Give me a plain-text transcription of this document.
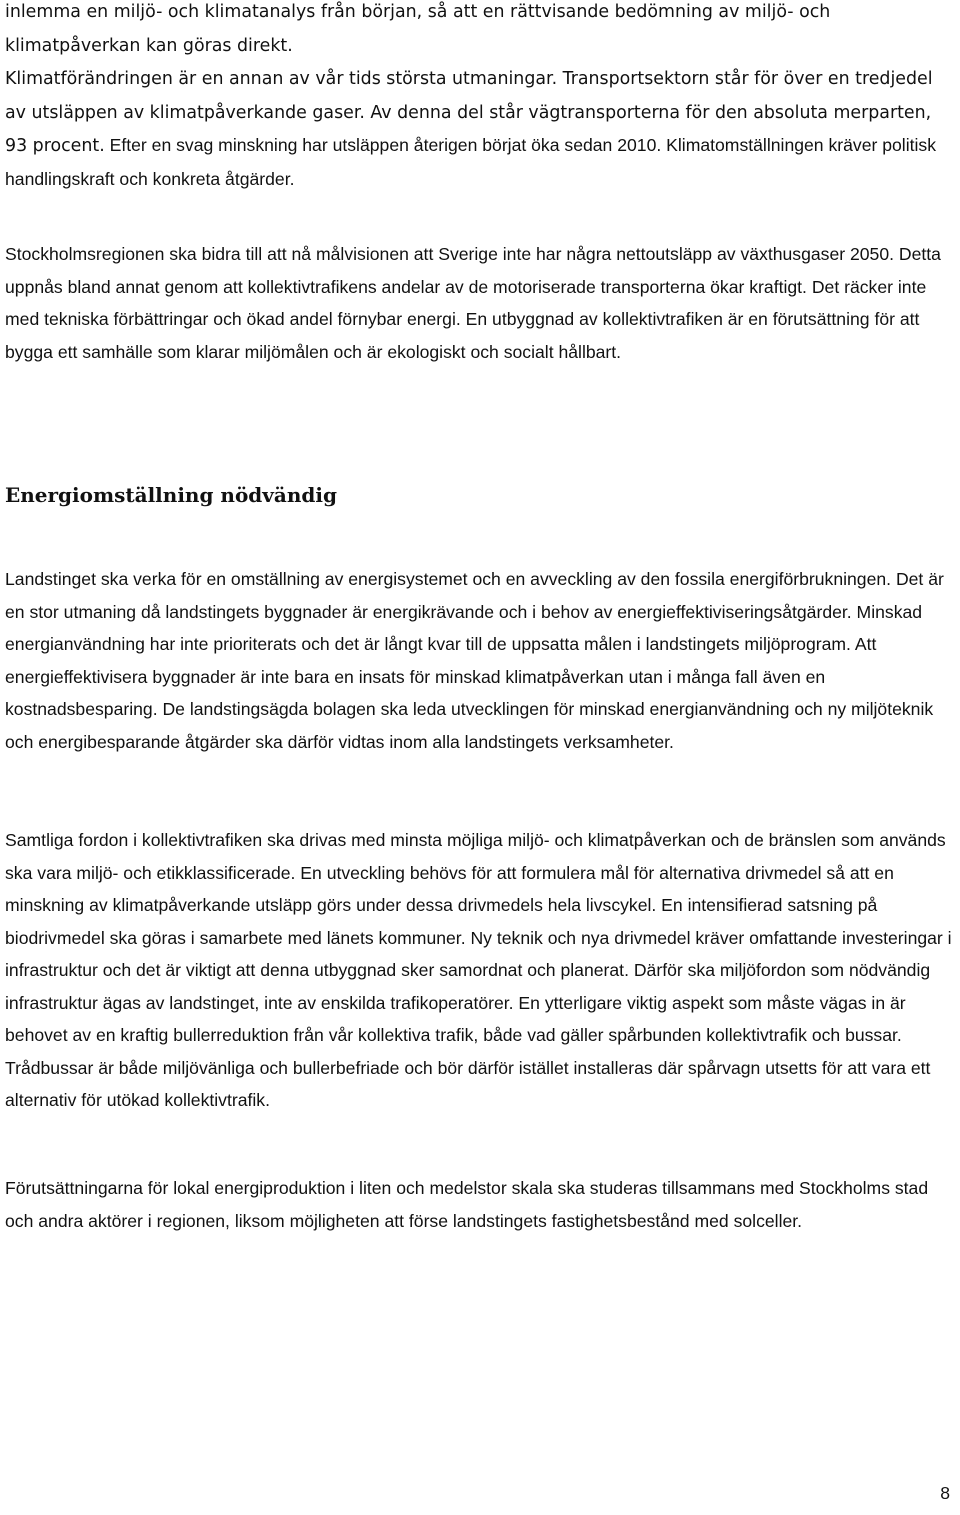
inlemma en miljö- och klimatanalys från början, så att en rättvisande bedömning av miljö- och klimatpåverkan kan göras direkt.
Klimatförändringen är en annan av vår tids största utmaningar. Transportsektorn står för över en tredjedel av utsläppen av klimatpåverkande gaser. Av denna del står vägtransporterna för den absoluta merparten, 93 procent. Efter en svag minskning har utsläppen återigen börjat öka sedan 2010. Klimatomställningen kräver politisk handlingskraft och konkreta åtgärder.

Stockholmsregionen ska bidra till att nå målvisionen att Sverige inte har några nettoutsläpp av växthusgaser 2050. Detta uppnås bland annat genom att kollektivtrafikens andelar av de motoriserade transporterna ökar kraftigt. Det räcker inte med tekniska förbättringar och ökad andel förnybar energi. En utbyggnad av kollektivtrafiken är en förutsättning för att bygga ett samhälle som klarar miljömålen och är ekologiskt och socialt hållbart.

Energiomställning nödvändig

Landstinget ska verka för en omställning av energisystemet och en avveckling av den fossila energiförbrukningen. Det är en stor utmaning då landstingets byggnader är energikrävande och i behov av energieffektiviseringsåtgärder. Minskad energianvändning har inte prioriterats och det är långt kvar till de uppsatta målen i landstingets miljöprogram. Att energieffektivisera byggnader är inte bara en insats för minskad klimatpåverkan utan i många fall även en kostnadsbesparing. De landstingsägda bolagen ska leda utvecklingen för minskad energianvändning och ny miljöteknik och energibesparande åtgärder ska därför vidtas inom alla landstingets verksamheter.

Samtliga fordon i kollektivtrafiken ska drivas med minsta möjliga miljö- och klimatpåverkan och de bränslen som används ska vara miljö- och etikklassificerade. En utveckling behövs för att formulera mål för alternativa drivmedel så att en minskning av klimatpåverkande utsläpp görs under dessa drivmedels hela livscykel. En intensifierad satsning på biodrivmedel ska göras i samarbete med länets kommuner. Ny teknik och nya drivmedel kräver omfattande investeringar i infrastruktur och det är viktigt att denna utbyggnad sker samordnat och planerat. Därför ska miljöfordon som nödvändig infrastruktur ägas av landstinget, inte av enskilda trafikoperatörer. En ytterligare viktig aspekt som måste vägas in är behovet av en kraftig bullerreduktion från vår kollektiva trafik, både vad gäller spårbunden kollektivtrafik och bussar. Trådbussar är både miljövänliga och bullerbefriade och bör därför istället installeras där spårvagn utsetts för att vara ett alternativ för utökad kollektivtrafik.

Förutsättningarna för lokal energiproduktion i liten och medelstor skala ska studeras tillsammans med Stockholms stad och andra aktörer i regionen, liksom möjligheten att förse landstingets fastighetsbestånd med solceller.

8
